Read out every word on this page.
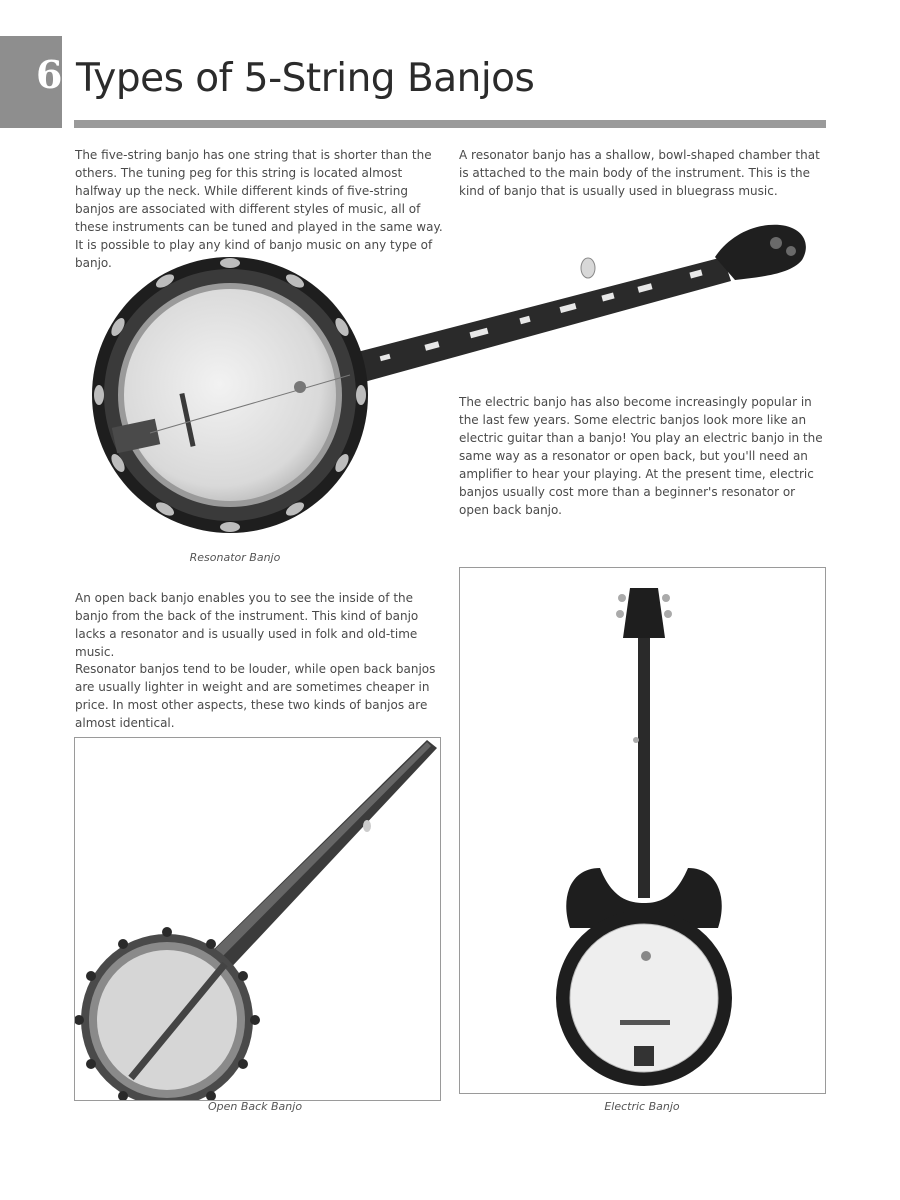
6 Types of 5-String Banjos

The five-string banjo has one string that is shorter than the others. The tuning peg for this string is located almost halfway up the neck. While different kinds of five-string banjos are associated with different styles of music, all of these instruments can be tuned and played in the same way. It is possible to play any kind of banjo music on any type of banjo.

A resonator banjo has a shallow, bowl-shaped chamber that is attached to the main body of the instrument. This is the kind of banjo that is usually used in bluegrass music.

Resonator Banjo

The electric banjo has also become increasingly popular in the last few years. Some electric banjos look more like an electric guitar than a banjo! You play an electric banjo in the same way as a resonator or open back, but you'll need an amplifier to hear your playing. At the present time, electric banjos usually cost more than a beginner's resonator or open back banjo.

An open back banjo enables you to see the inside of the banjo from the back of the instrument. This kind of banjo lacks a resonator and is usually used in folk and old-time music.

Resonator banjos tend to be louder, while open back banjos are usually lighter in weight and are sometimes cheaper in price. In most other aspects, these two kinds of banjos are almost identical.

Open Back Banjo	Electric Banjo
